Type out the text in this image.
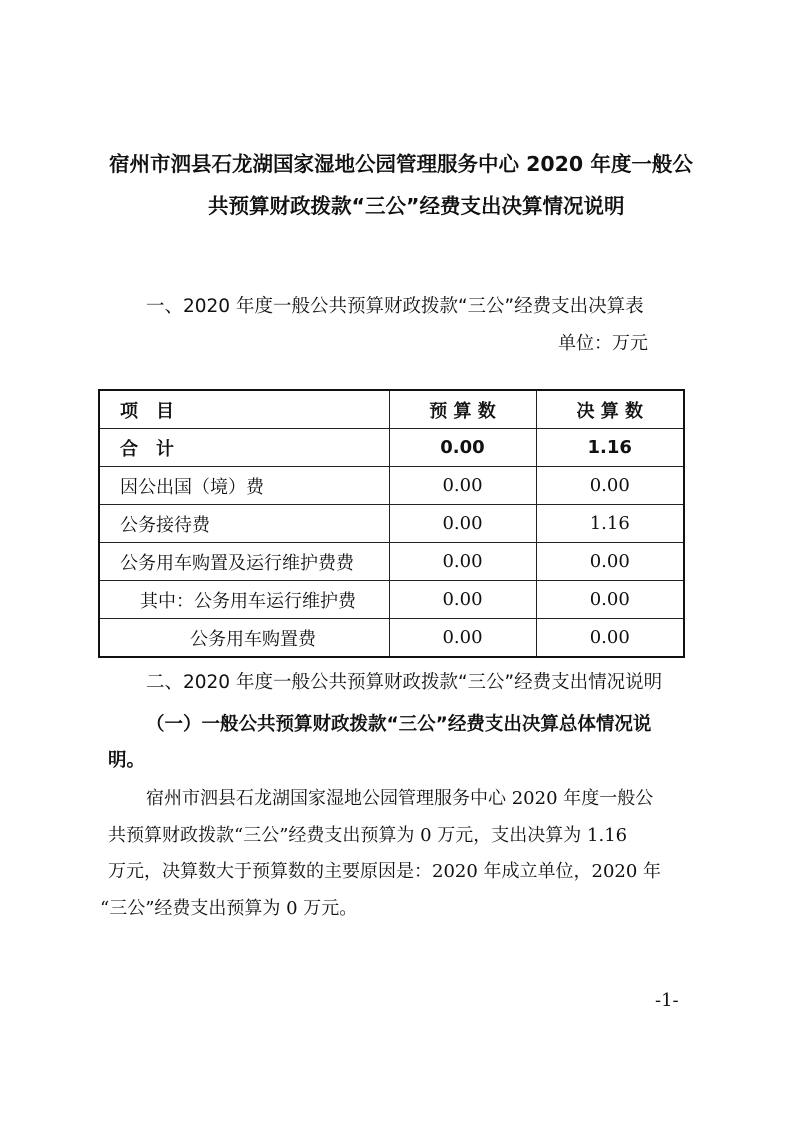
宿州市泗县石龙湖国家湿地公园管理服务中心 2020 年度一般公
共预算财政拨款“三公”经费支出决算情况说明
一、2020 年度一般公共预算财政拨款“三公”经费支出决算表
单位：万元
项　目	预 算 数	决 算 数
合　计	0.00	1.16
因公出国（境）费	0.00	0.00
公务接待费	0.00	1.16
公务用车购置及运行维护费费	0.00	0.00
其中：公务用车运行维护费	0.00	0.00
公务用车购置费	0.00	0.00
二、2020 年度一般公共预算财政拨款“三公”经费支出情况说明
（一）一般公共预算财政拨款“三公”经费支出决算总体情况说
明。
宿州市泗县石龙湖国家湿地公园管理服务中心 2020 年度一般公
共预算财政拨款“三公”经费支出预算为 0 万元，支出决算为 1.16
万元，决算数大于预算数的主要原因是：2020 年成立单位，2020 年
“三公”经费支出预算为 0 万元。
-1-
